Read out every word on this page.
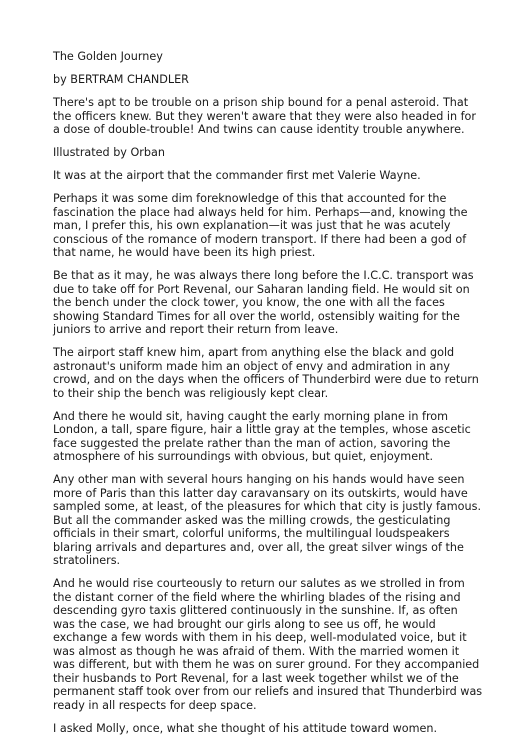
The Golden Journey

by BERTRAM CHANDLER

There's apt to be trouble on a prison ship bound for a penal asteroid. That the officers knew. But they weren't aware that they were also headed in for a dose of double-trouble! And twins can cause identity trouble anywhere.

Illustrated by Orban

It was at the airport that the commander first met Valerie Wayne.

Perhaps it was some dim foreknowledge of this that accounted for the fascination the place had always held for him. Perhaps—and, knowing the man, I prefer this, his own explanation—it was just that he was acutely conscious of the romance of modern transport. If there had been a god of that name, he would have been its high priest.

Be that as it may, he was always there long before the I.C.C. transport was due to take off for Port Revenal, our Saharan landing field. He would sit on the bench under the clock tower, you know, the one with all the faces showing Standard Times for all over the world, ostensibly waiting for the juniors to arrive and report their return from leave.

The airport staff knew him, apart from anything else the black and gold astronaut's uniform made him an object of envy and admiration in any crowd, and on the days when the officers of Thunderbird were due to return to their ship the bench was religiously kept clear.

And there he would sit, having caught the early morning plane in from London, a tall, spare figure, hair a little gray at the temples, whose ascetic face suggested the prelate rather than the man of action, savoring the atmosphere of his surroundings with obvious, but quiet, enjoyment.

Any other man with several hours hanging on his hands would have seen more of Paris than this latter day caravansary on its outskirts, would have sampled some, at least, of the pleasures for which that city is justly famous. But all the commander asked was the milling crowds, the gesticulating officials in their smart, colorful uniforms, the multilingual loudspeakers blaring arrivals and departures and, over all, the great silver wings of the stratoliners.

And he would rise courteously to return our salutes as we strolled in from the distant corner of the field where the whirling blades of the rising and descending gyro taxis glittered continuously in the sunshine. If, as often was the case, we had brought our girls along to see us off, he would exchange a few words with them in his deep, well-modulated voice, but it was almost as though he was afraid of them. With the married women it was different, but with them he was on surer ground. For they accompanied their husbands to Port Revenal, for a last week together whilst we of the permanent staff took over from our reliefs and insured that Thunderbird was ready in all respects for deep space.

I asked Molly, once, what she thought of his attitude toward women.
